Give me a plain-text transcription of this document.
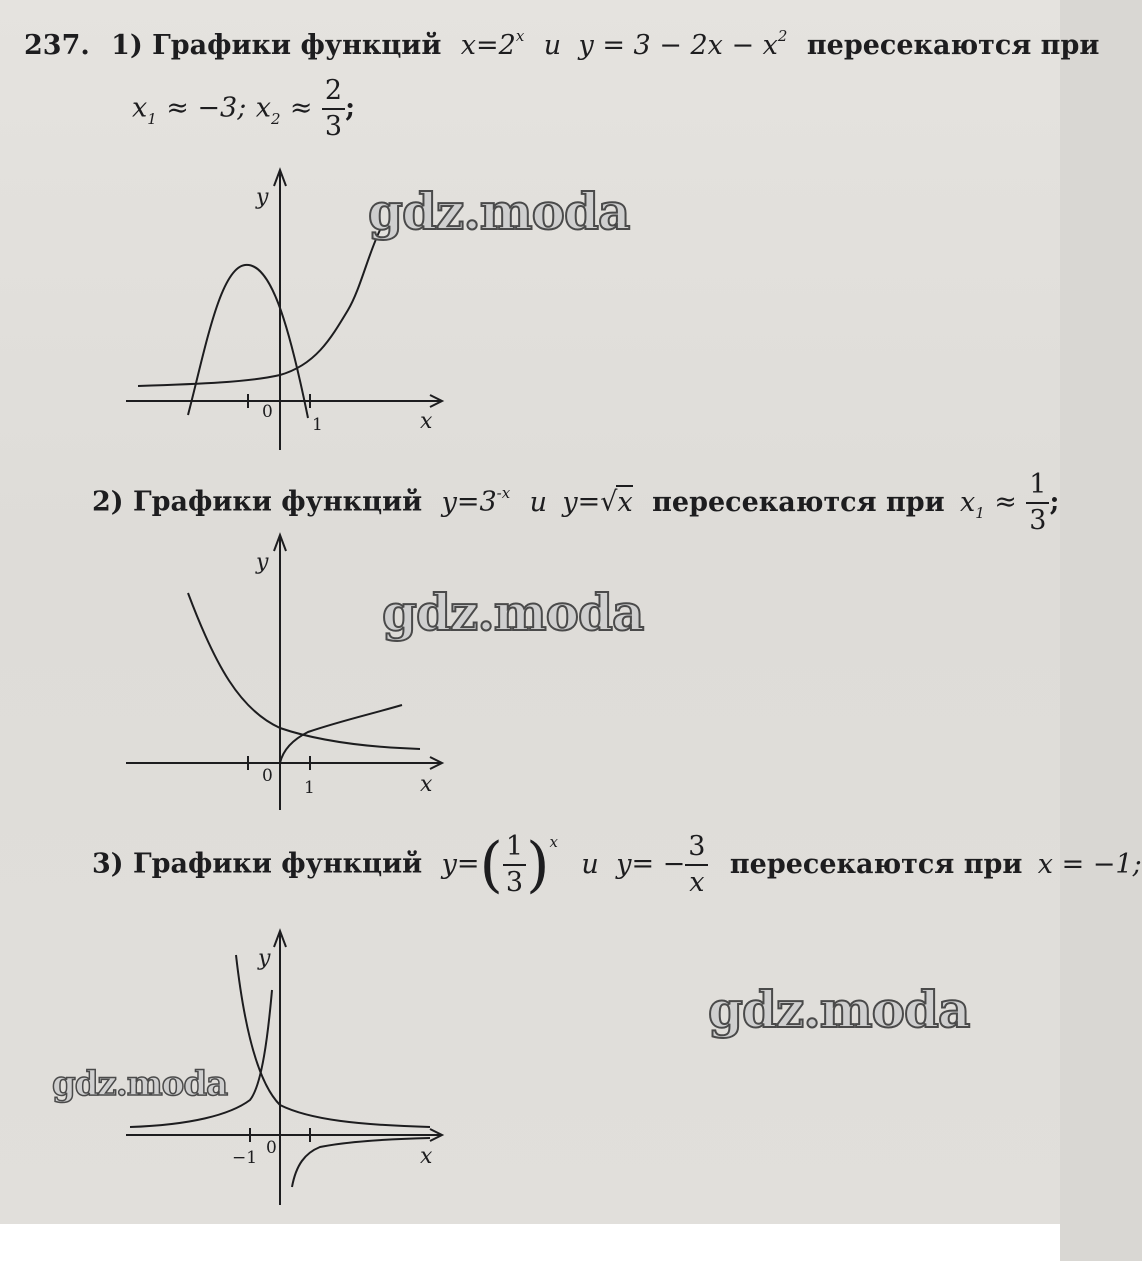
237. 1) Графики функций $x=2^x$ и $y = 3 - 2x - x^2$ пересекаются при
$x_1 \approx -3$; $x_2 \approx \frac{2}{3}$ ;
y
x
0
1
2) Графики функций $y=3^{-x}$ и y=√x пересекаются при $x_1 \approx \frac{1}{3}$ ;
y
x
0
1
3) Графики функций $y=( \frac{1}{3} )^x$ и $y= - \frac{3}{x}$ пересекаются при x = −1;
y
x
0
−1
gdz.moda
gdz.moda
gdz.moda
gdz.moda
